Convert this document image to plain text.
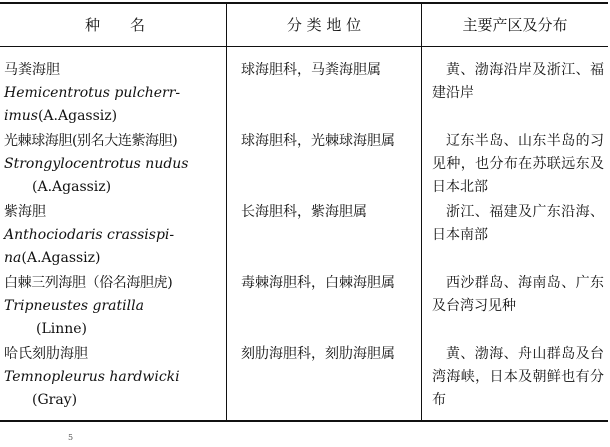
种　　名	分 类 地 位	主要产区及分布

马粪海胆
Hemicentrotus pulcherr-
imus(A.Agassiz)	球海胆科，马粪海胆属	黄、渤海沿岸及浙江、福建沿岸

光棘球海胆(别名大连紫海胆)
Strongylocentrotus nudus
(A.Agassiz)	球海胆科，光棘球海胆属	辽东半岛、山东半岛的习见种，也分布在苏联远东及日本北部

紫海胆
Anthociodaris crassispi-
na(A.Agassiz)	长海胆科，紫海胆属	浙江、福建及广东沿海、日本南部

白棘三列海胆（俗名海胆虎)
Tripneustes gratilla
(Linne)	毒棘海胆科，白棘海胆属	西沙群岛、海南岛、广东及台湾习见种

哈氏刻肋海胆
Temnopleurus hardwicki
(Gray)	刻肋海胆科，刻肋海胆属	黄、渤海、舟山群岛及台湾海峡，日本及朝鲜也有分布
5
